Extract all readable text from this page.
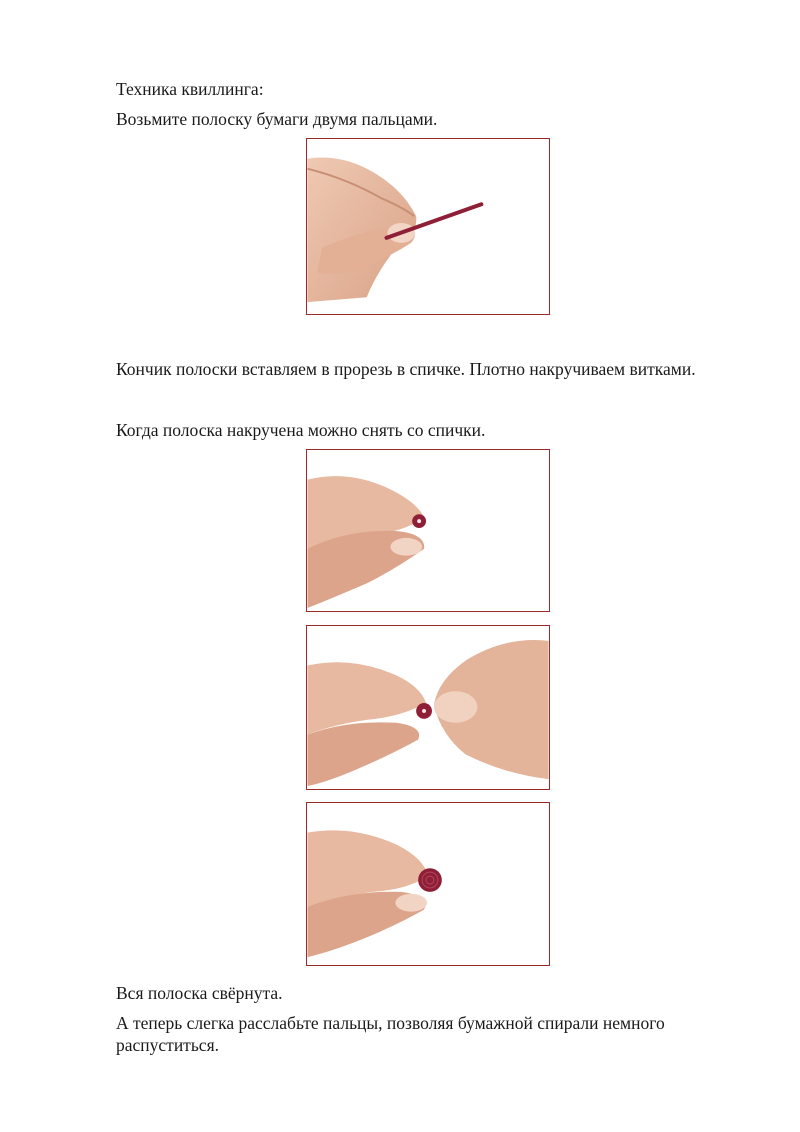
Техника квиллинга:

Возьмите полоску бумаги двумя пальцами.

Кончик полоски вставляем в прорезь в спичке. Плотно накручиваем витками.

Когда полоска накручена можно снять со спички.

Вся полоска свёрнута.

А теперь слегка расслабьте пальцы, позволяя бумажной спирали немного распуститься.
